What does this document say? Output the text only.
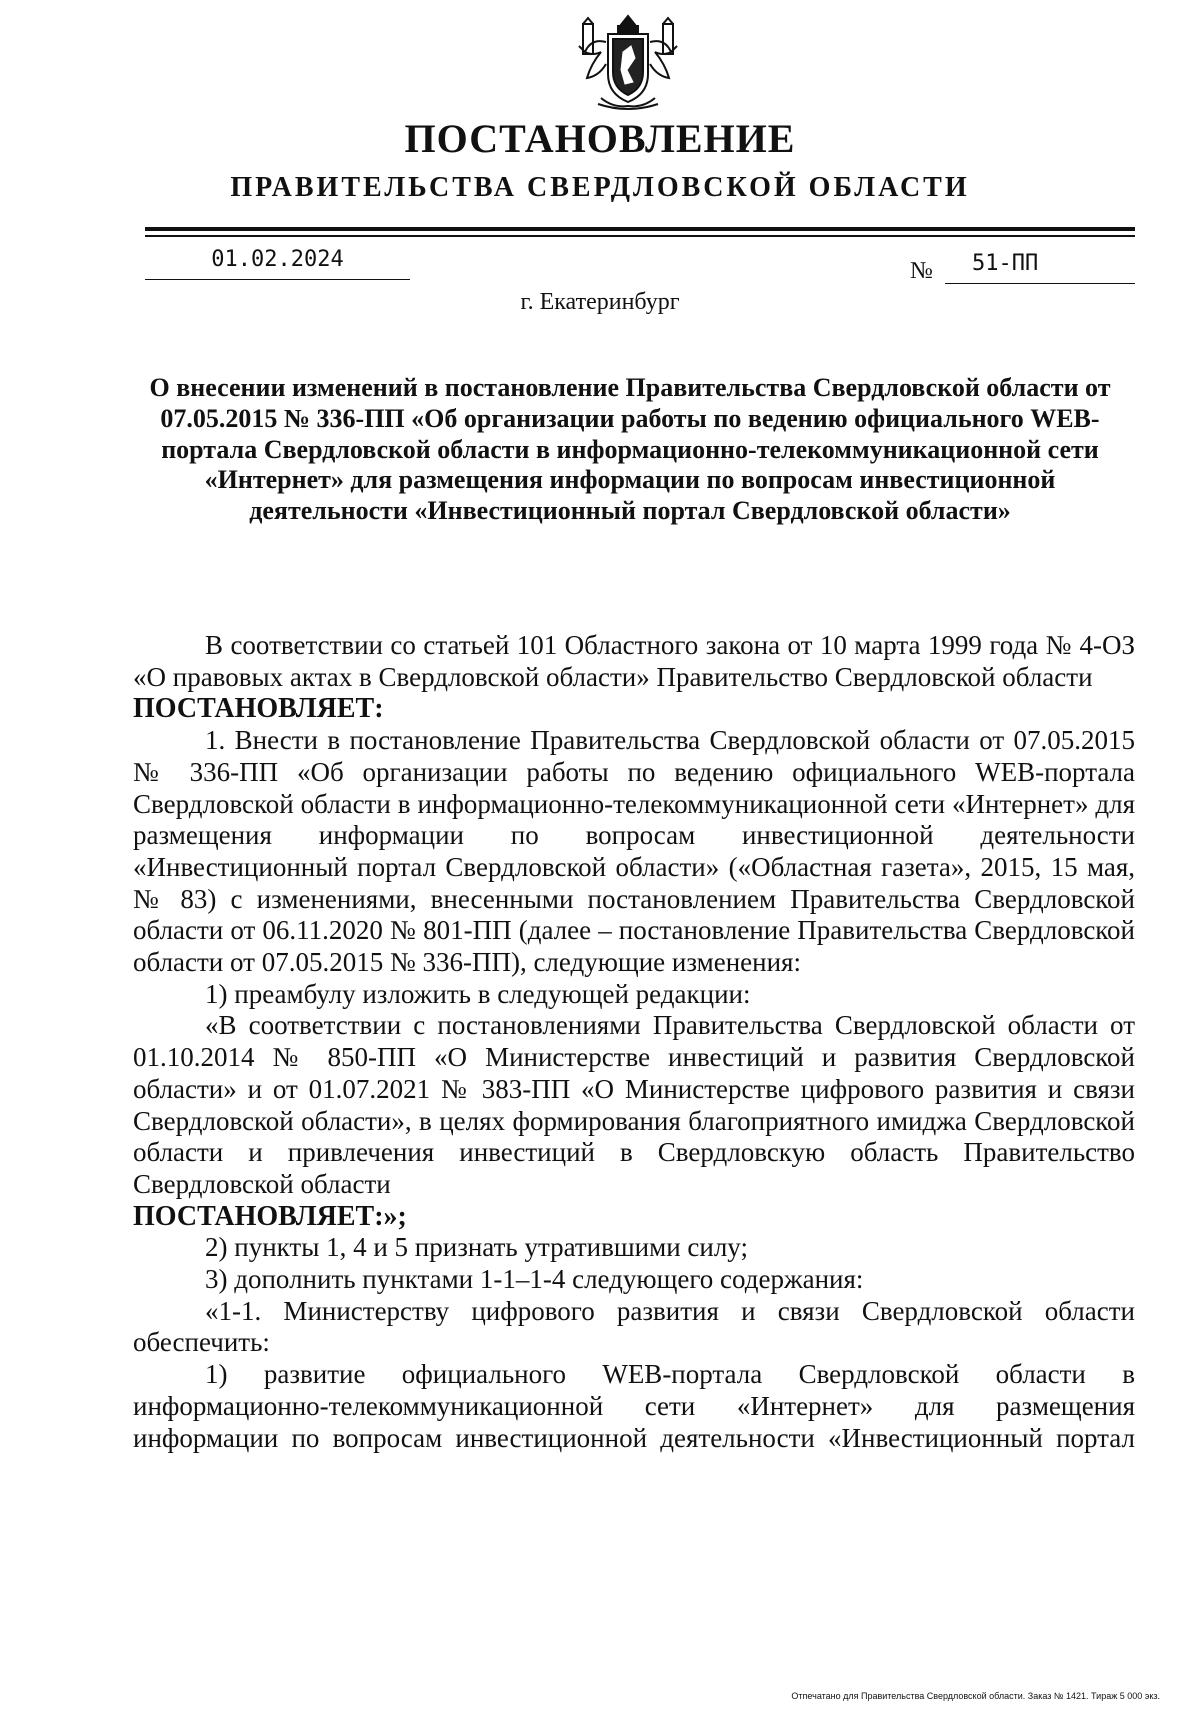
ПОСТАНОВЛЕНИЕ
ПРАВИТЕЛЬСТВА СВЕРДЛОВСКОЙ ОБЛАСТИ
01.02.2024	№	51-ПП
г. Екатеринбург
О внесении изменений в постановление Правительства Свердловской области от 07.05.2015 № 336-ПП «Об организации работы по ведению официального WEB-портала Свердловской области в информационно-телекоммуникационной сети «Интернет» для размещения информации по вопросам инвестиционной деятельности «Инвестиционный портал Свердловской области»

В соответствии со статьей 101 Областного закона от 10 марта 1999 года № 4-ОЗ «О правовых актах в Свердловской области» Правительство Свердловской области

ПОСТАНОВЛЯЕТ:

1. Внести в постановление Правительства Свердловской области от 07.05.2015 № 336-ПП «Об организации работы по ведению официального WEB-портала Свердловской области в информационно-телекоммуникационной сети «Интернет» для размещения информации по вопросам инвестиционной деятельности «Инвестиционный портал Свердловской области» («Областная газета», 2015, 15 мая, № 83) с изменениями, внесенными постановлением Правительства Свердловской области от 06.11.2020 № 801-ПП (далее – постановление Правительства Свердловской области от 07.05.2015 № 336-ПП), следующие изменения:

1) преамбулу изложить в следующей редакции:

«В соответствии с постановлениями Правительства Свердловской области от 01.10.2014 № 850-ПП «О Министерстве инвестиций и развития Свердловской области» и от 01.07.2021 № 383-ПП «О Министерстве цифрового развития и связи Свердловской области», в целях формирования благоприятного имиджа Свердловской области и привлечения инвестиций в Свердловскую область Правительство Свердловской области

ПОСТАНОВЛЯЕТ:»;

2) пункты 1, 4 и 5 признать утратившими силу;

3) дополнить пунктами 1-1–1-4 следующего содержания:

«1-1. Министерству цифрового развития и связи Свердловской области обеспечить:

1) развитие официального WEB-портала Свердловской области в информационно-телекоммуникационной сети «Интернет» для размещения информации по вопросам инвестиционной деятельности «Инвестиционный портал

Отпечатано для Правительства Свердловской области. Заказ № 1421. Тираж 5 000 экз.
